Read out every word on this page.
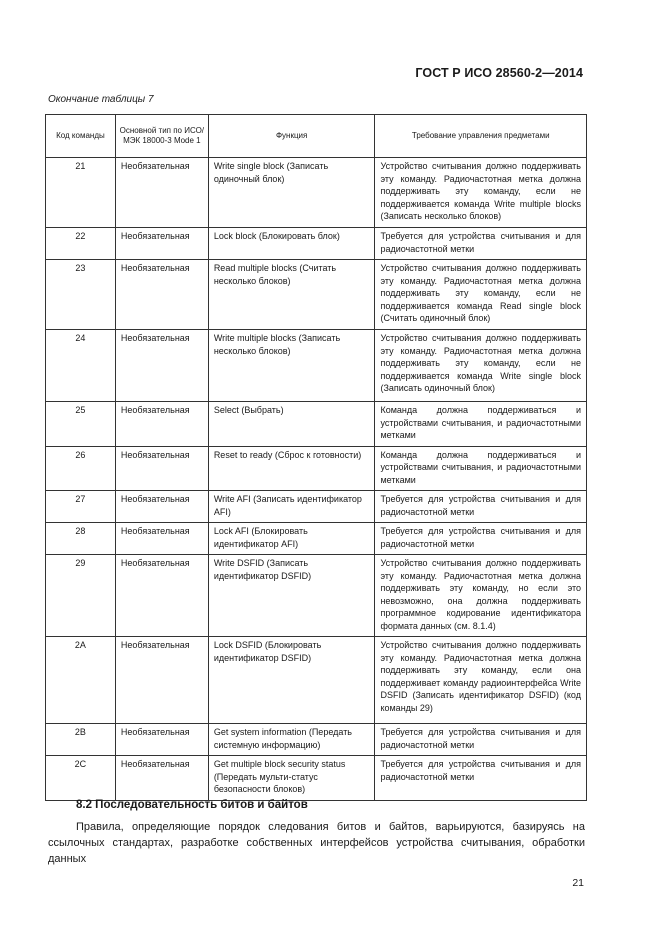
ГОСТ Р ИСО 28560-2—2014
Окончание таблицы 7
Код команды	Основной тип по ИСО/МЭК 18000-3 Mode 1	Функция	Требование управления предметами
21	Необязательная	Write single block (Записать одиночный блок)	Устройство считывания должно поддерживать эту команду. Радиочастотная метка должна поддерживать эту команду, если не поддерживается команда Write multiple blocks (Записать несколько блоков)
22	Необязательная	Lock block (Блокировать блок)	Требуется для устройства считывания и для радиочастотной метки
23	Необязательная	Read multiple blocks (Считать несколько блоков)	Устройство считывания должно поддерживать эту команду. Радиочастотная метка должна поддерживать эту команду, если не поддерживается команда Read single block (Считать одиночный блок)
24	Необязательная	Write multiple blocks (Записать несколько блоков)	Устройство считывания должно поддерживать эту команду. Радиочастотная метка должна поддерживать эту команду, если не поддерживается команда Write single block (Записать одиночный блок)
25	Необязательная	Select (Выбрать)	Команда должна поддерживаться и устройствами считывания, и радиочастотными метками
26	Необязательная	Reset to ready (Сброс к готовности)	Команда должна поддерживаться и устройствами считывания, и радиочастотными метками
27	Необязательная	Write AFI (Записать идентификатор AFI)	Требуется для устройства считывания и для радиочастотной метки
28	Необязательная	Lock AFI (Блокировать идентификатор AFI)	Требуется для устройства считывания и для радиочастотной метки
29	Необязательная	Write DSFID (Записать идентификатор DSFID)	Устройство считывания должно поддерживать эту команду. Радиочастотная метка должна поддерживать эту команду, но если это невозможно, она должна поддерживать программное кодирование идентификатора формата данных (см. 8.1.4)
2A	Необязательная	Lock DSFID (Блокировать идентификатор DSFID)	Устройство считывания должно поддерживать эту команду. Радиочастотная метка должна поддерживать эту команду, если она поддерживает команду радиоинтерфейса Write DSFID (Записать идентификатор DSFID) (код команды 29)
2B	Необязательная	Get system information (Передать системную информацию)	Требуется для устройства считывания и для радиочастотной метки
2C	Необязательная	Get multiple block security status (Передать мульти-статус безопасности блоков)	Требуется для устройства считывания и для радиочастотной метки
8.2 Последовательность битов и байтов
Правила, определяющие порядок следования битов и байтов, варьируются, базируясь на ссылочных стандартах, разработке собственных интерфейсов устройства считывания, обработки данных
21
